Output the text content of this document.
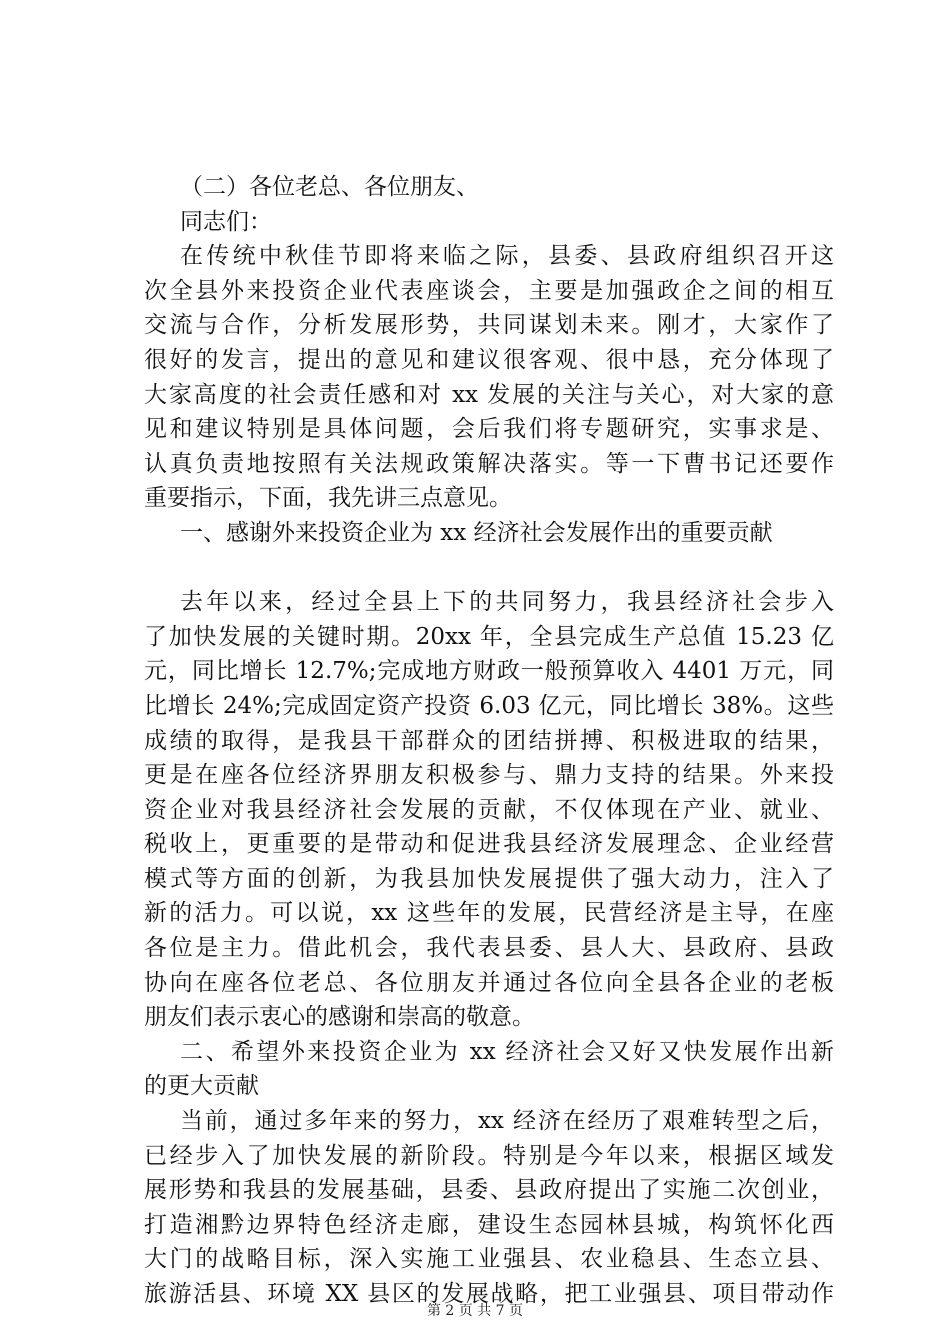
（二）各位老总、各位朋友、
同志们：
在传统中秋佳节即将来临之际，县委、县政府组织召开这
次全县外来投资企业代表座谈会，主要是加强政企之间的相互
交流与合作，分析发展形势，共同谋划未来。刚才，大家作了
很好的发言，提出的意见和建议很客观、很中恳，充分体现了
大家高度的社会责任感和对 xx 发展的关注与关心，对大家的意
见和建议特别是具体问题，会后我们将专题研究，实事求是、
认真负责地按照有关法规政策解决落实。等一下曹书记还要作
重要指示，下面，我先讲三点意见。
一、感谢外来投资企业为 xx 经济社会发展作出的重要贡献
去年以来，经过全县上下的共同努力，我县经济社会步入
了加快发展的关键时期。20xx 年，全县完成生产总值 15.23 亿
元，同比增长 12.7%;完成地方财政一般预算收入 4401 万元，同
比增长 24%;完成固定资产投资 6.03 亿元，同比增长 38%。这些
成绩的取得，是我县干部群众的团结拼搏、积极进取的结果，
更是在座各位经济界朋友积极参与、鼎力支持的结果。外来投
资企业对我县经济社会发展的贡献，不仅体现在产业、就业、
税收上，更重要的是带动和促进我县经济发展理念、企业经营
模式等方面的创新，为我县加快发展提供了强大动力，注入了
新的活力。可以说，xx 这些年的发展，民营经济是主导，在座
各位是主力。借此机会，我代表县委、县人大、县政府、县政
协向在座各位老总、各位朋友并通过各位向全县各企业的老板
朋友们表示衷心的感谢和崇高的敬意。
二、希望外来投资企业为 xx 经济社会又好又快发展作出新
的更大贡献
当前，通过多年来的努力，xx 经济在经历了艰难转型之后，
已经步入了加快发展的新阶段。特别是今年以来，根据区域发
展形势和我县的发展基础，县委、县政府提出了实施二次创业，
打造湘黔边界特色经济走廊，建设生态园林县城，构筑怀化西
大门的战略目标，深入实施工业强县、农业稳县、生态立县、
旅游活县、环境 XX 县区的发展战略，把工业强县、项目带动作
第 2 页 共 7 页
